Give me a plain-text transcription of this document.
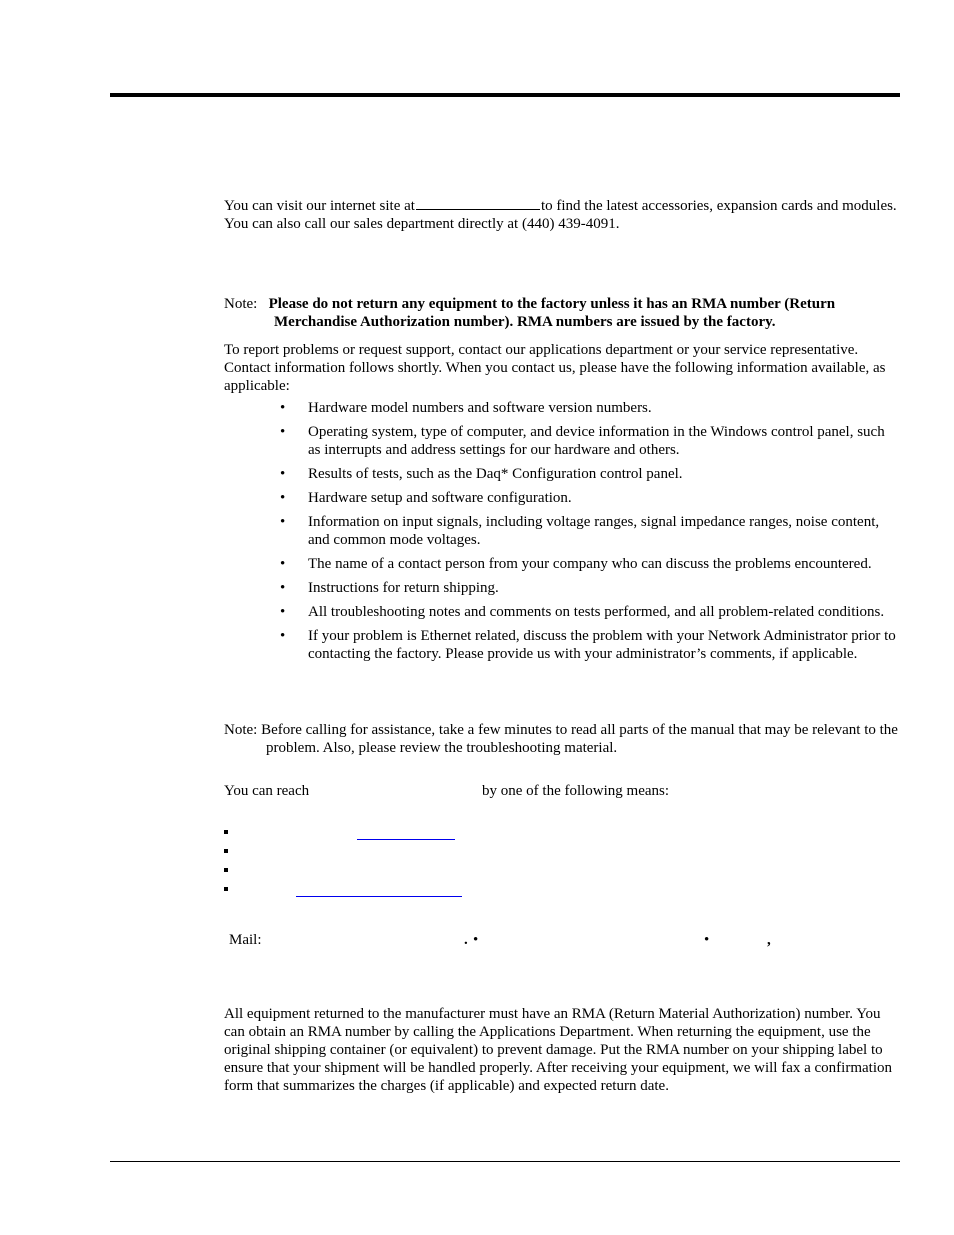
You can visit our internet site at	to find the latest accessories, expansion cards and modules. You can also call our sales department directly at (440) 439-4091.

Note: Please do not return any equipment to the factory unless it has an RMA number (Return Merchandise Authorization number). RMA numbers are issued by the factory.

To report problems or request support, contact our applications department or your service representative. Contact information follows shortly. When you contact us, please have the following information available, as applicable:

• Hardware model numbers and software version numbers.
• Operating system, type of computer, and device information in the Windows control panel, such as interrupts and address settings for our hardware and others.
• Results of tests, such as the Daq* Configuration control panel.
• Hardware setup and software configuration.
• Information on input signals, including voltage ranges, signal impedance ranges, noise content, and common mode voltages.
• The name of a contact person from your company who can discuss the problems encountered.
• Instructions for return shipping.
• All troubleshooting notes and comments on tests performed, and all problem-related conditions.
• If your problem is Ethernet related, discuss the problem with your Network Administrator prior to contacting the factory. Please provide us with your administrator’s comments, if applicable.

Note: Before calling for assistance, take a few minutes to read all parts of the manual that may be relevant to the problem. Also, please review the troubleshooting material.

You can reach	by one of the following means:
Mail:	. •	•	,

All equipment returned to the manufacturer must have an RMA (Return Material Authorization) number. You can obtain an RMA number by calling the Applications Department. When returning the equipment, use the original shipping container (or equivalent) to prevent damage. Put the RMA number on your shipping label to ensure that your shipment will be handled properly. After receiving your equipment, we will fax a confirmation form that summarizes the charges (if applicable) and expected return date.
